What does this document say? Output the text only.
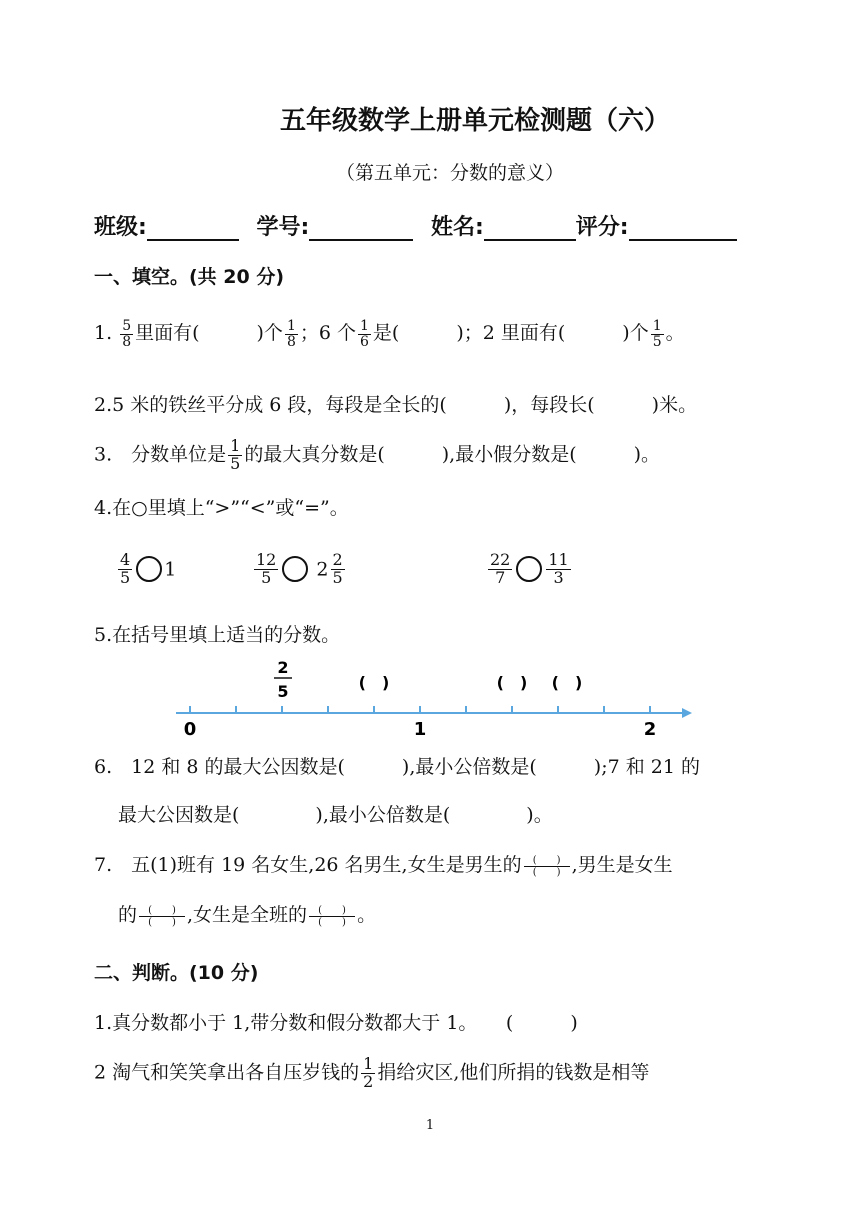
五年级数学上册单元检测题（六）
（第五单元：分数的意义）
班级:	学号:	姓名:	评分:
一、填空。(共 20 分)
1. $\frac{5}{8}$ 里面有(　　　)个 $\frac{1}{8}$ ；6 个 $\frac{1}{6}$ 是(　　　)；2 里面有(　　　)个 $\frac{1}{5}$ 。
2.5 米的铁丝平分成 6 段，每段是全长的(　　　)，每段长(　　　)米。
3.　分数单位是 $\frac{1}{5}$ 的最大真分数是(　　　),最小假分数是(　　　)。
4.在○里填上“>”“<”或“=”。
$\frac{4}{5} 1$	$\frac{12}{5} 2 \frac{2}{5}$	$\frac{22}{7} \frac{11}{3}$
5.在括号里填上适当的分数。
0	1	2
2
5	(　)	(　) (　)
6.　12 和 8 的最大公因数是(　　　),最小公倍数是(　　　);7 和 21 的
最大公因数是(　　　　),最小公倍数是(　　　　)。
7.　五(1)班有 19 名女生,26 名男生,女生是男生的	(　　)
(　　) ,男生是女生
的	(　　)
(　　) ,女生是全班的	(　　)
(　　) 。
二、判断。(10 分)
1.真分数都小于 1,带分数和假分数都大于 1。　　(　　　)
2 淘气和笑笑拿出各自压岁钱的 $\frac{1}{2}$ 捐给灾区,他们所捐的钱数是相等
1
